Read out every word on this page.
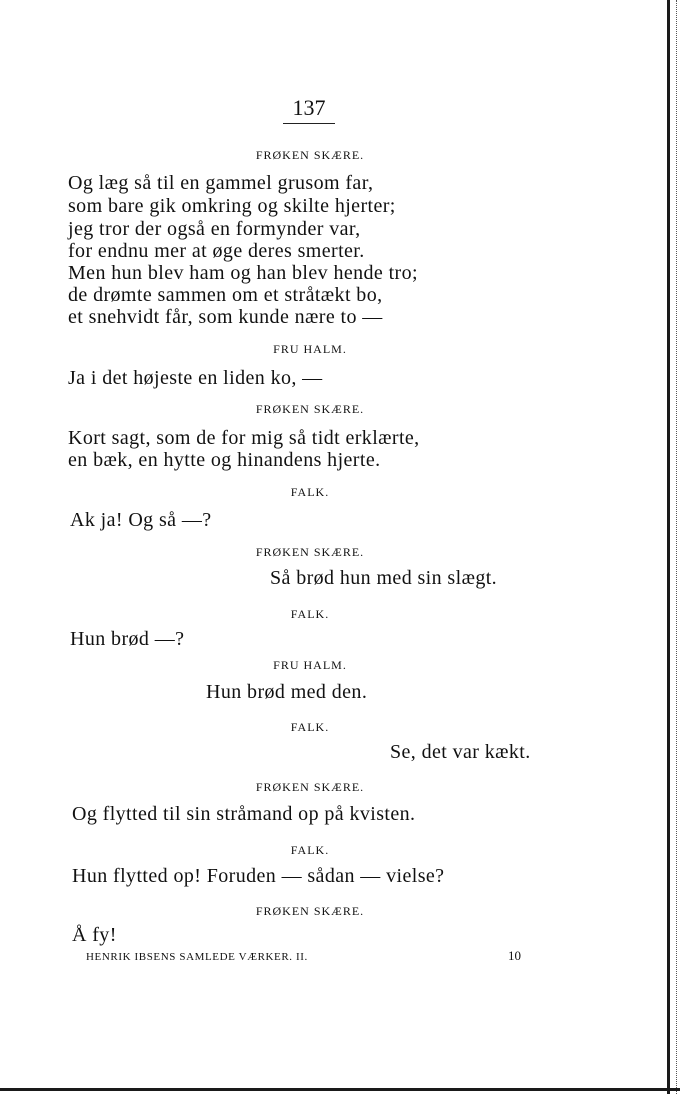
137
FRØKEN SKÆRE.
Og læg så til en gammel grusom far,
som bare gik omkring og skilte hjerter;
jeg tror der også en formynder var,
for endnu mer at øge deres smerter.
Men hun blev ham og han blev hende tro;
de drømte sammen om et stråtækt bo,
et snehvidt får, som kunde nære to —
FRU HALM.
Ja i det højeste en liden ko, —
FRØKEN SKÆRE.
Kort sagt, som de for mig så tidt erklærte,
en bæk, en hytte og hinandens hjerte.
FALK.
Ak ja! Og så —?
FRØKEN SKÆRE.
Så brød hun med sin slægt.
FALK.
Hun brød —?
FRU HALM.
Hun brød med den.
FALK.
Se, det var kækt.
FRØKEN SKÆRE.
Og flytted til sin stråmand op på kvisten.
FALK.
Hun flytted op! Foruden — sådan — vielse?
FRØKEN SKÆRE.
Å fy!
HENRIK IBSENS SAMLEDE VÆRKER. II.	10
